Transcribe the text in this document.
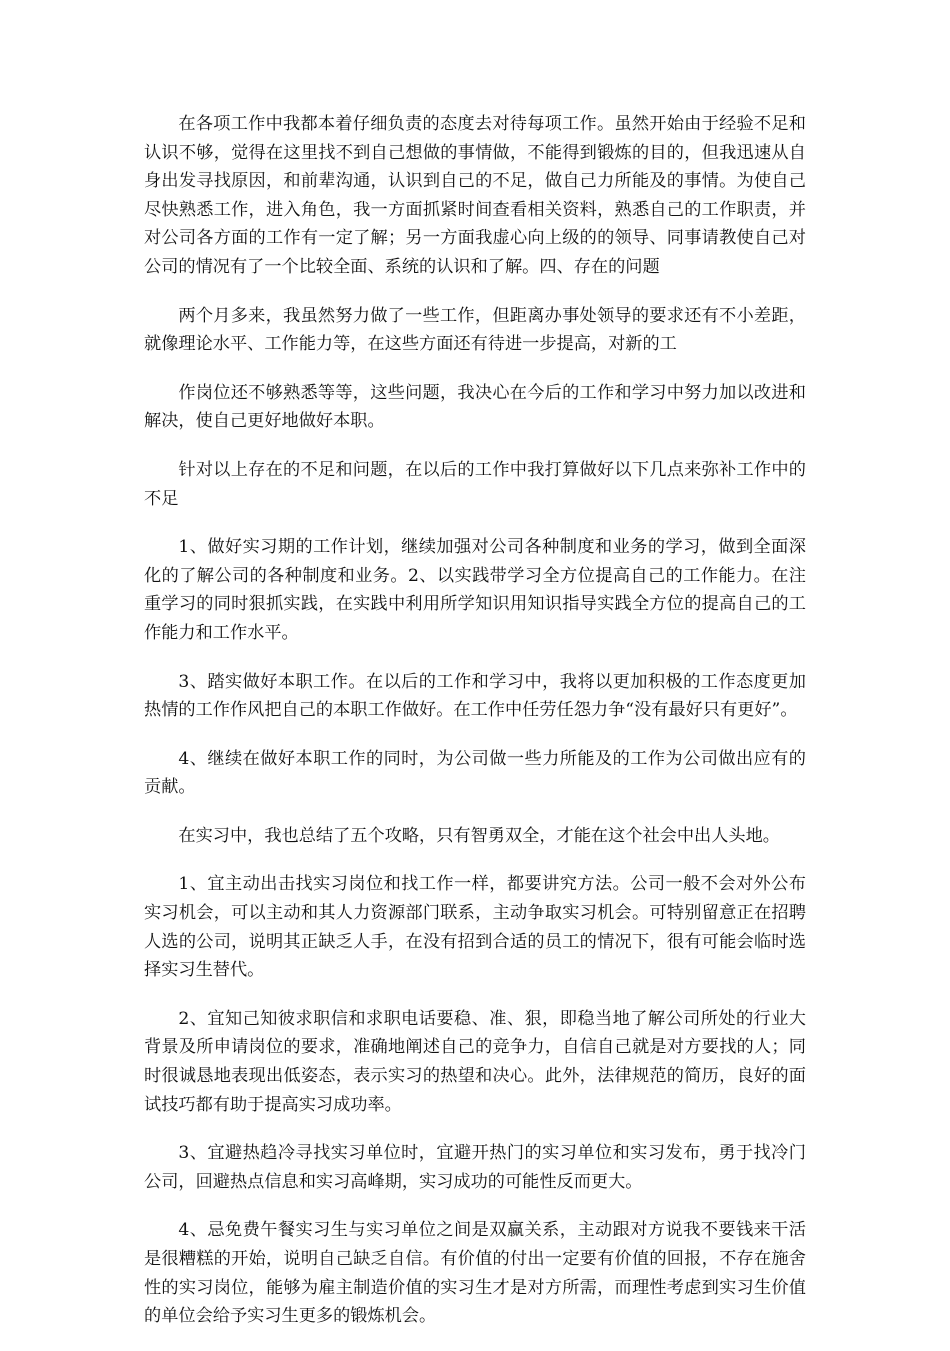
在各项工作中我都本着仔细负责的态度去对待每项工作。虽然开始由于经验不足和认识不够，觉得在这里找不到自己想做的事情做，不能得到锻炼的目的，但我迅速从自身出发寻找原因，和前辈沟通，认识到自己的不足，做自己力所能及的事情。为使自己尽快熟悉工作，进入角色，我一方面抓紧时间查看相关资料，熟悉自己的工作职责，并对公司各方面的工作有一定了解；另一方面我虚心向上级的的领导、同事请教使自己对公司的情况有了一个比较全面、系统的认识和了解。四、存在的问题

两个月多来，我虽然努力做了一些工作，但距离办事处领导的要求还有不小差距，就像理论水平、工作能力等，在这些方面还有待进一步提高，对新的工

作岗位还不够熟悉等等，这些问题，我决心在今后的工作和学习中努力加以改进和解决，使自己更好地做好本职。

针对以上存在的不足和问题，在以后的工作中我打算做好以下几点来弥补工作中的不足

1、做好实习期的工作计划，继续加强对公司各种制度和业务的学习，做到全面深化的了解公司的各种制度和业务。2、以实践带学习全方位提高自己的工作能力。在注重学习的同时狠抓实践，在实践中利用所学知识用知识指导实践全方位的提高自己的工作能力和工作水平。

3、踏实做好本职工作。在以后的工作和学习中，我将以更加积极的工作态度更加热情的工作作风把自己的本职工作做好。在工作中任劳任怨力争“没有最好只有更好”。

4、继续在做好本职工作的同时，为公司做一些力所能及的工作为公司做出应有的贡献。

在实习中，我也总结了五个攻略，只有智勇双全，才能在这个社会中出人头地。

1、宜主动出击找实习岗位和找工作一样，都要讲究方法。公司一般不会对外公布实习机会，可以主动和其人力资源部门联系，主动争取实习机会。可特别留意正在招聘人选的公司，说明其正缺乏人手，在没有招到合适的员工的情况下，很有可能会临时选择实习生替代。

2、宜知己知彼求职信和求职电话要稳、准、狠，即稳当地了解公司所处的行业大背景及所申请岗位的要求，准确地阐述自己的竞争力，自信自己就是对方要找的人；同时很诚恳地表现出低姿态，表示实习的热望和决心。此外，法律规范的简历，良好的面试技巧都有助于提高实习成功率。

3、宜避热趋冷寻找实习单位时，宜避开热门的实习单位和实习发布，勇于找冷门公司，回避热点信息和实习高峰期，实习成功的可能性反而更大。

4、忌免费午餐实习生与实习单位之间是双赢关系，主动跟对方说我不要钱来干活是很糟糕的开始，说明自己缺乏自信。有价值的付出一定要有价值的回报，不存在施舍性的实习岗位，能够为雇主制造价值的实习生才是对方所需，而理性考虑到实习生价值的单位会给予实习生更多的锻炼机会。
